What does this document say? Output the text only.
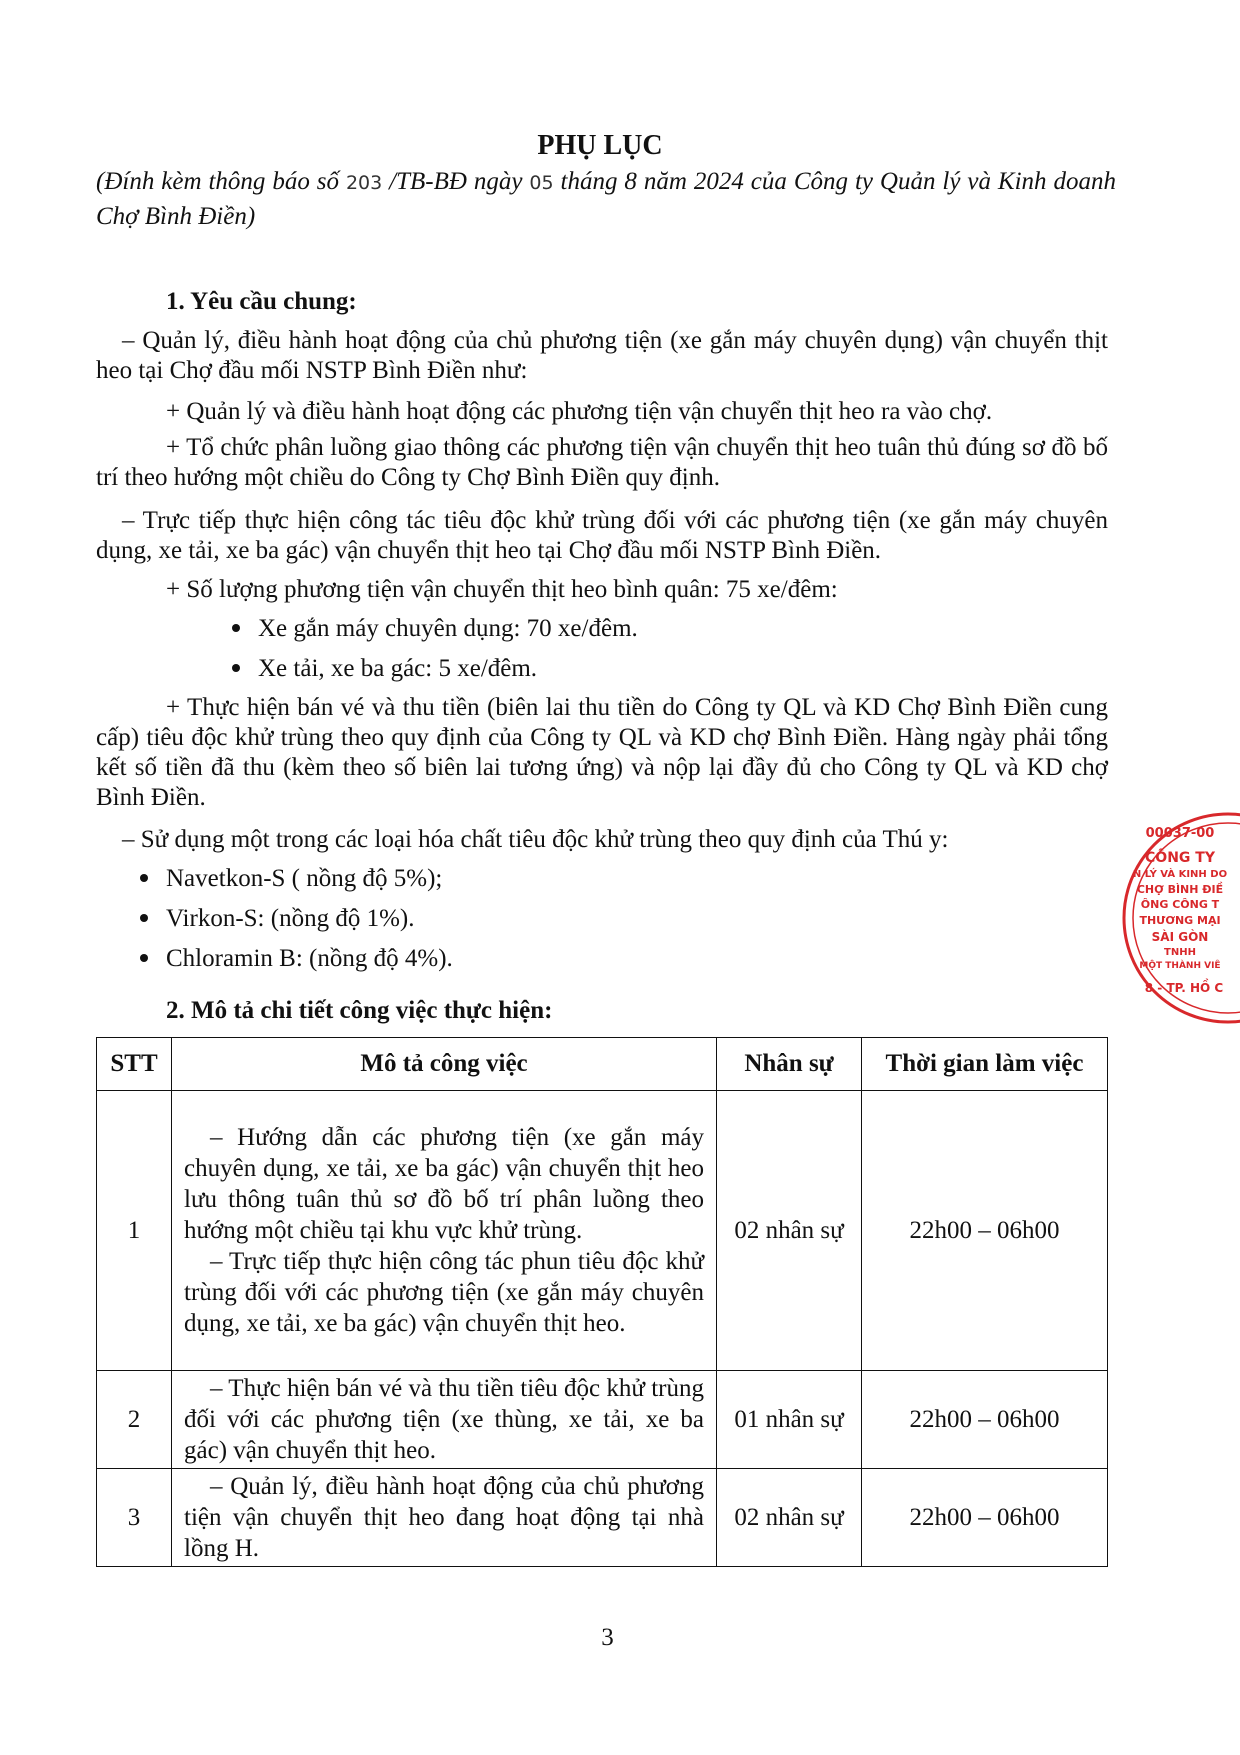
PHỤ LỤC
(Đính kèm thông báo số 203 /TB-BĐ ngày 05 tháng 8 năm 2024 của Công ty Quản lý và Kinh doanh Chợ Bình Điền)
1. Yêu cầu chung:
– Quản lý, điều hành hoạt động của chủ phương tiện (xe gắn máy chuyên dụng) vận chuyển thịt heo tại Chợ đầu mối NSTP Bình Điền như:
+ Quản lý và điều hành hoạt động các phương tiện vận chuyển thịt heo ra vào chợ.
+ Tổ chức phân luồng giao thông các phương tiện vận chuyển thịt heo tuân thủ đúng sơ đồ bố trí theo hướng một chiều do Công ty Chợ Bình Điền quy định.
– Trực tiếp thực hiện công tác tiêu độc khử trùng đối với các phương tiện (xe gắn máy chuyên dụng, xe tải, xe ba gác) vận chuyển thịt heo tại Chợ đầu mối NSTP Bình Điền.
+ Số lượng phương tiện vận chuyển thịt heo bình quân: 75 xe/đêm:
Xe gắn máy chuyên dụng: 70 xe/đêm.
Xe tải, xe ba gác: 5 xe/đêm.
+ Thực hiện bán vé và thu tiền (biên lai thu tiền do Công ty QL và KD Chợ Bình Điền cung cấp) tiêu độc khử trùng theo quy định của Công ty QL và KD chợ Bình Điền. Hàng ngày phải tổng kết số tiền đã thu (kèm theo số biên lai tương ứng) và nộp lại đầy đủ cho Công ty QL và KD chợ Bình Điền.
– Sử dụng một trong các loại hóa chất tiêu độc khử trùng theo quy định của Thú y:
Navetkon-S ( nồng độ 5%);
Virkon-S: (nồng độ 1%).
Chloramin B: (nồng độ 4%).
2. Mô tả chi tiết công việc thực hiện:
STT	Mô tả công việc	Nhân sự	Thời gian làm việc
1	– Hướng dẫn các phương tiện (xe gắn máy chuyên dụng, xe tải, xe ba gác) vận chuyển thịt heo lưu thông tuân thủ sơ đồ bố trí phân luồng theo hướng một chiều tại khu vực khử trùng.
– Trực tiếp thực hiện công tác phun tiêu độc khử trùng đối với các phương tiện (xe gắn máy chuyên dụng, xe tải, xe ba gác) vận chuyển thịt heo.	02 nhân sự	22h00 – 06h00
2	– Thực hiện bán vé và thu tiền tiêu độc khử trùng đối với các phương tiện (xe thùng, xe tải, xe ba gác) vận chuyển thịt heo.	01 nhân sự	22h00 – 06h00
3	– Quản lý, điều hành hoạt động của chủ phương tiện vận chuyển thịt heo đang hoạt động tại nhà lồng H.	02 nhân sự	22h00 – 06h00
3
00037-00
CÔNG TY
N LÝ VÀ KINH DO
CHỢ BÌNH ĐIỀ
ÔNG CÔNG T
THƯƠNG MẠI
SÀI GÒN
TNHH
MỘT THÀNH VIÊ
8 - TP. HỒ C
